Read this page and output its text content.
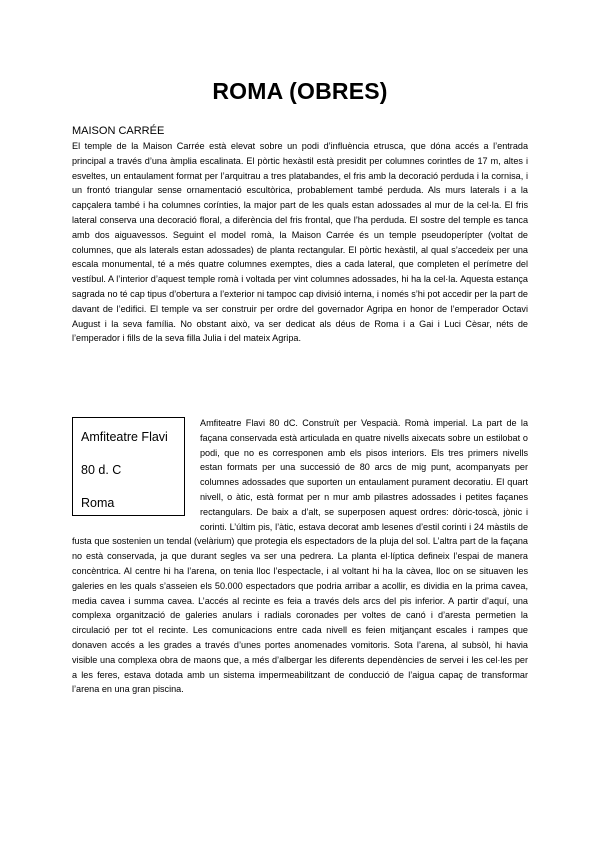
ROMA (OBRES)
MAISON CARRÉE

El temple de la Maison Carrée està elevat sobre un podi d’influència etrusca, que dóna accés a l’entrada principal a través d’una àmplia escalinata. El pòrtic hexàstil està presidit per columnes corintles de 17 m, altes i esveltes, un entaulament format per l’arquitrau a tres platabandes, el fris amb la decoració perduda i la cornisa, i un frontó triangular sense ornamentació escultòrica, probablement també perduda. Als murs laterals i a la capçalera també i ha columnes corínties, la major part de les quals estan adossades al mur de la cel·la. El fris lateral conserva una decoració floral, a diferència del fris frontal, que l’ha perduda. El sostre del temple es tanca amb dos aiguavessos. Seguint el model romà, la Maison Carrée és un temple pseudoperípter (voltat de columnes, que als laterals estan adossades) de planta rectangular. El pòrtic hexàstil, al qual s’accedeix per una escala monumental, té a més quatre columnes exemptes, dies a cada lateral, que completen el perímetre del vestíbul. A l’interior d’aquest temple romà i voltada per vint columnes adossades, hi ha la cel·la. Aquesta estança sagrada no té cap tipus d’obertura a l’exterior ni tampoc cap divisió interna, i només s’hi pot accedir per la part de davant de l’edifici. El temple va ser construir per ordre del governador Agripa en honor de l’emperador Octavi August i la seva família. No obstant això, va ser dedicat als déus de Roma i a Gai i Luci Cèsar, néts de l’emperador i fills de la seva filla Julia i del mateix Agripa.

Amfiteatre Flavi
80 d. C
Roma
Amfiteatre Flavi 80 dC. Construït per Vespacià. Romà imperial. La part de la façana conservada està articulada en quatre nivells aixecats sobre un estilobat o podi, que no es corresponen amb els pisos interiors. Els tres primers nivells estan formats per una successió de 80 arcs de mig punt, acompanyats per columnes adossades que suporten un entaulament purament decoratiu. El quart nivell, o àtic, està format per n mur amb pilastres adossades i petites façanes rectangulars. De baix a d’alt, se superposen aquest ordres: dòric-toscà, jònic i corinti. L’últim pis, l’àtic, estava decorat amb lesenes d’estil corinti i 24 màstils de fusta que sostenien un tendal (velàrium) que protegia els espectadors de la pluja del sol. L’altra part de la façana no està conservada, ja que durant segles va ser una pedrera. La planta el·líptica defineix l’espai de manera concèntrica. Al centre hi ha l’arena, on tenia lloc l’espectacle, i al voltant hi ha la càvea, lloc on se situaven les galeries en les quals s’asseien els 50.000 espectadors que podria arribar a acollir, es dividia en la prima cavea, media cavea i summa cavea. L’accés al recinte es feia a través dels arcs del pis inferior. A partir d’aquí, una complexa organització de galeries anulars i radials coronades per voltes de canó i d’aresta permetien la circulació per tot el recinte. Les comunicacions entre cada nivell es feien mitjançant escales i rampes que donaven accés a les grades a través d’unes portes anomenades vomitoris. Sota l’arena, al subsòl, hi havia visible una complexa obra de maons que, a més d’albergar les diferents dependències de servei i les cel·les per a les feres, estava dotada amb un sistema impermeabilitzant de conducció de l’aigua capaç de transformar l’arena en una gran piscina.
